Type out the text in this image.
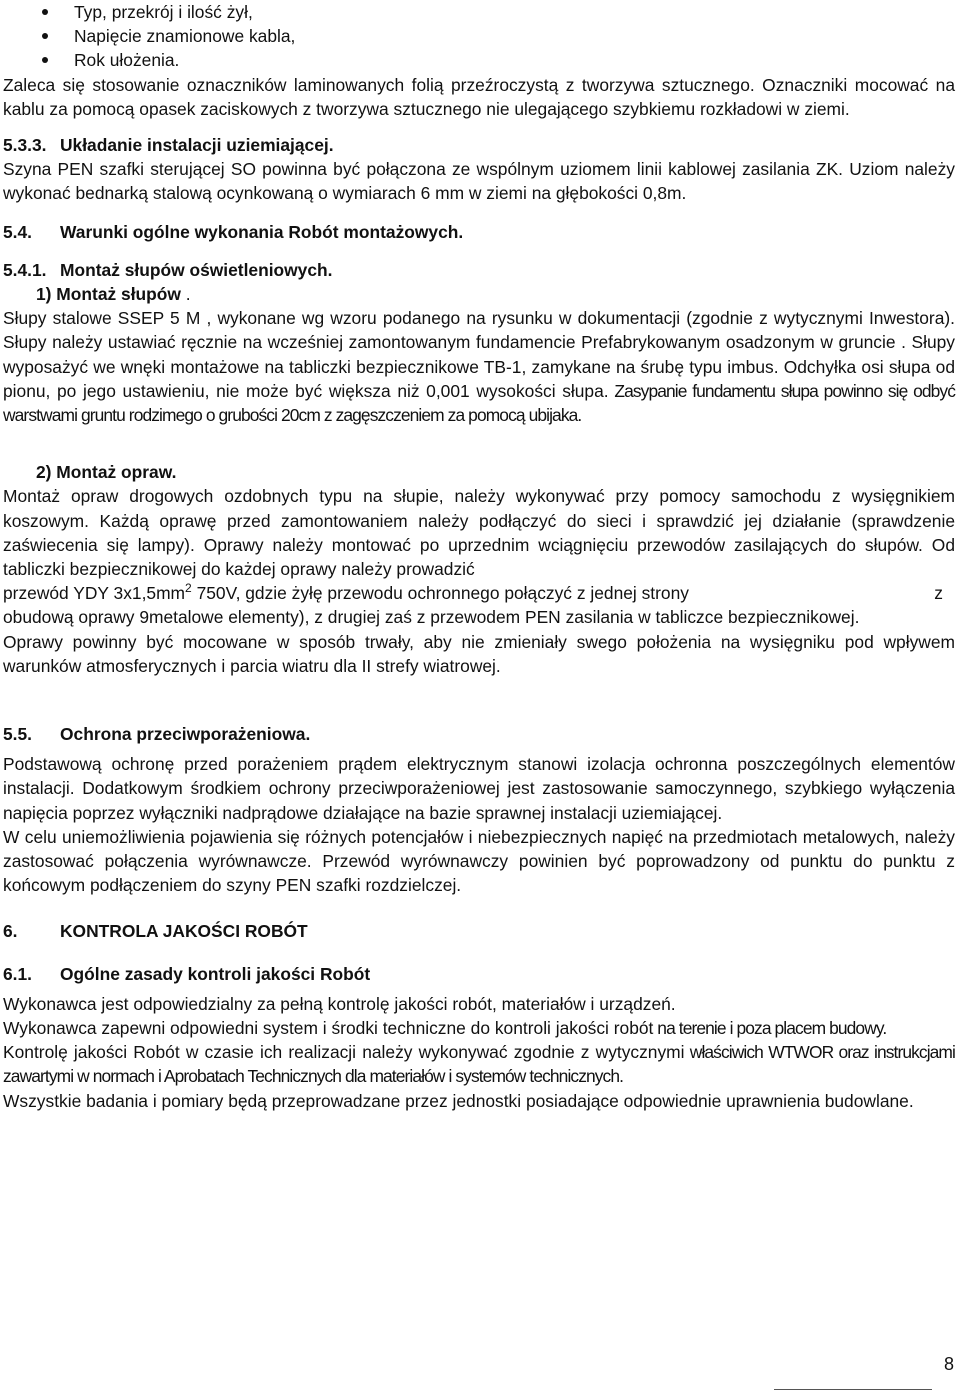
Typ, przekrój i ilość żył,
Napięcie znamionowe kabla,
Rok ułożenia.

Zaleca się stosowanie oznaczników laminowanych folią przeźroczystą z tworzywa sztucznego. Oznaczniki mocować na kablu za pomocą opasek zaciskowych z tworzywa sztucznego nie ulegającego szybkiemu rozkładowi w ziemi.

5.3.3. Układanie instalacji uziemiającej.

Szyna PEN szafki sterującej SO powinna być połączona ze wspólnym uziomem linii kablowej zasilania ZK. Uziom należy wykonać bednarką stalową ocynkowaną o wymiarach 6 mm w ziemi na głębokości 0,8m.

5.4.	Warunki ogólne wykonania Robót montażowych.
5.4.1. Montaż słupów oświetleniowych.
1) Montaż słupów .

Słupy stalowe SSEP 5 M , wykonane wg wzoru podanego na rysunku w dokumentacji (zgodnie z wytycznymi Inwestora). Słupy należy ustawiać ręcznie na wcześniej zamontowanym fundamencie Prefabrykowanym osadzonym w gruncie . Słupy wyposażyć we wnęki montażowe na tabliczki bezpiecznikowe TB-1, zamykane na śrubę typu imbus. Odchyłka osi słupa od pionu, po jego ustawieniu, nie może być większa niż 0,001 wysokości słupa. Zasypanie fundamentu słupa powinno się odbyć warstwami gruntu rodzimego o grubości 20cm z zagęszczeniem za pomocą ubijaka.

2) Montaż opraw.

Montaż opraw drogowych ozdobnych typu na słupie, należy wykonywać przy pomocy samochodu z wysięgnikiem koszowym. Każdą oprawę przed zamontowaniem należy podłączyć do sieci i sprawdzić jej działanie (sprawdzenie zaświecenia się lampy). Oprawy należy montować po uprzednim wciągnięciu przewodów zasilających do słupów. Od tabliczki bezpiecznikowej do każdej oprawy należy prowadzić

przewód YDY $3x1,5mm^2$ 750V, gdzie żyłę przewodu ochronnego połączyć z jednej strony	z

obudową oprawy 9metalowe elementy), z drugiej zaś z przewodem PEN zasilania w tabliczce bezpiecznikowej.

Oprawy powinny być mocowane w sposób trwały, aby nie zmieniały swego położenia na wysięgniku pod wpływem warunków atmosferycznych i parcia wiatru dla II strefy wiatrowej.

5.5.	Ochrona przeciwporażeniowa.

Podstawową ochronę przed porażeniem prądem elektrycznym stanowi izolacja ochronna poszczególnych elementów instalacji. Dodatkowym środkiem ochrony przeciwporażeniowej jest zastosowanie samoczynnego, szybkiego wyłączenia napięcia poprzez wyłączniki nadprądowe działające na bazie sprawnej instalacji uziemiającej.

W celu uniemożliwienia pojawienia się różnych potencjałów i niebezpiecznych napięć na przedmiotach metalowych, należy zastosować połączenia wyrównawcze. Przewód wyrównawczy powinien być poprowadzony od punktu do punktu z końcowym podłączeniem do szyny PEN szafki rozdzielczej.

6.	KONTROLA JAKOŚCI ROBÓT
6.1.	Ogólne zasady kontroli jakości Robót

Wykonawca jest odpowiedzialny za pełną kontrolę jakości robót, materiałów i urządzeń.

Wykonawca zapewni odpowiedni system i środki techniczne do kontroli jakości robót na terenie i poza placem budowy.

Kontrolę jakości Robót w czasie ich realizacji należy wykonywać zgodnie z wytycznymi właściwich WTWOR oraz instrukcjami zawartymi w normach i Aprobatach Technicznych dla materiałów i systemów technicznych.

Wszystkie badania i pomiary będą przeprowadzane przez jednostki posiadające odpowiednie uprawnienia budowlane.

8
